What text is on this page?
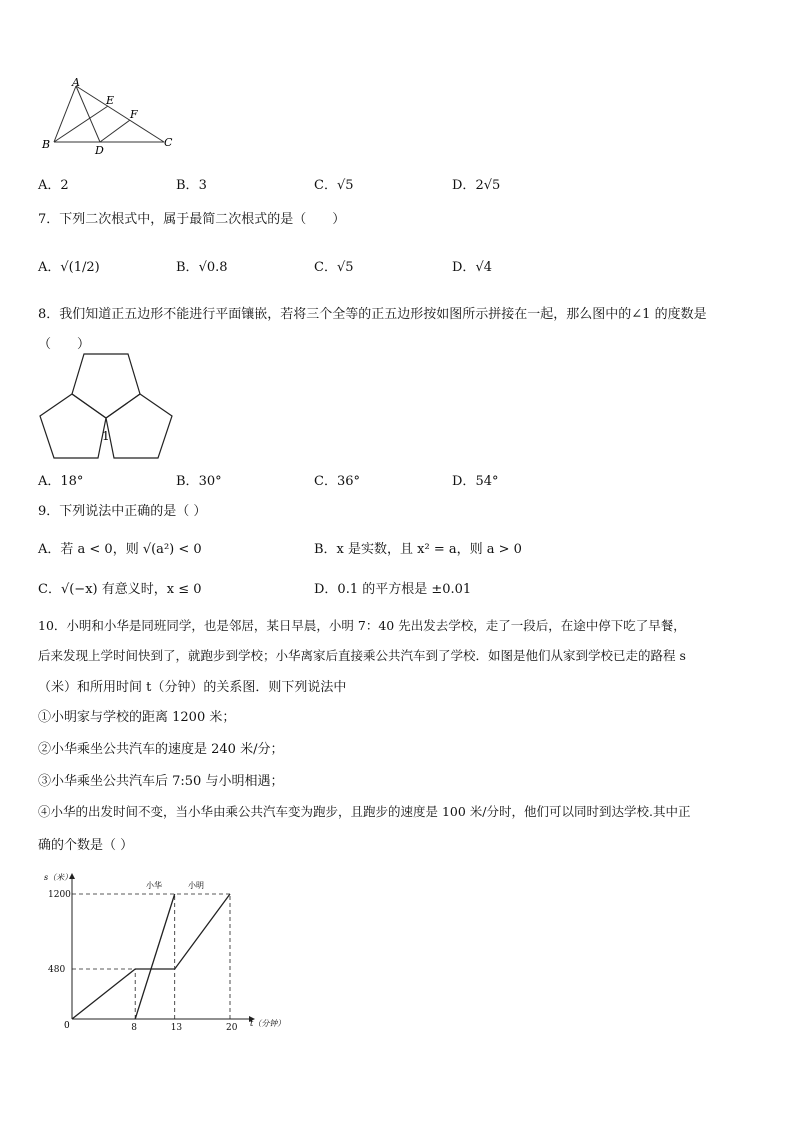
A
E
F
B	D
C
A．2	B．3	C．√5	D．2√5
7．下列二次根式中，属于最简二次根式的是（　　）
A．√(1/2)	B．√0.8	C．√5	D．√4
8．我们知道正五边形不能进行平面镶嵌，若将三个全等的正五边形按如图所示拼接在一起，那么图中的∠1 的度数是
（　　）
1
A．18°	B．30°	C．36°	D．54°
9．下列说法中正确的是（ ）
A．若 a < 0，则 √(a²) < 0	B．x 是实数，且 x² = a，则 a > 0
C．√(−x) 有意义时，x ≤ 0	D．0.1 的平方根是 ±0.01
10．小明和小华是同班同学，也是邻居，某日早晨，小明 7：40 先出发去学校，走了一段后，在途中停下吃了早餐，
后来发现上学时间快到了，就跑步到学校；小华离家后直接乘公共汽车到了学校．如图是他们从家到学校已走的路程 s
（米）和所用时间 t（分钟）的关系图．则下列说法中
①小明家与学校的距离 1200 米；
②小华乘坐公共汽车的速度是 240 米/分；
③小华乘坐公共汽车后 7:50 与小明相遇；
④小华的出发时间不变，当小华由乘公共汽车变为跑步，且跑步的速度是 100 米/分时，他们可以同时到达学校.其中正
确的个数是（ ）
s（米）
t（分钟）
0
480
1200
8	13	20
小华	小明
